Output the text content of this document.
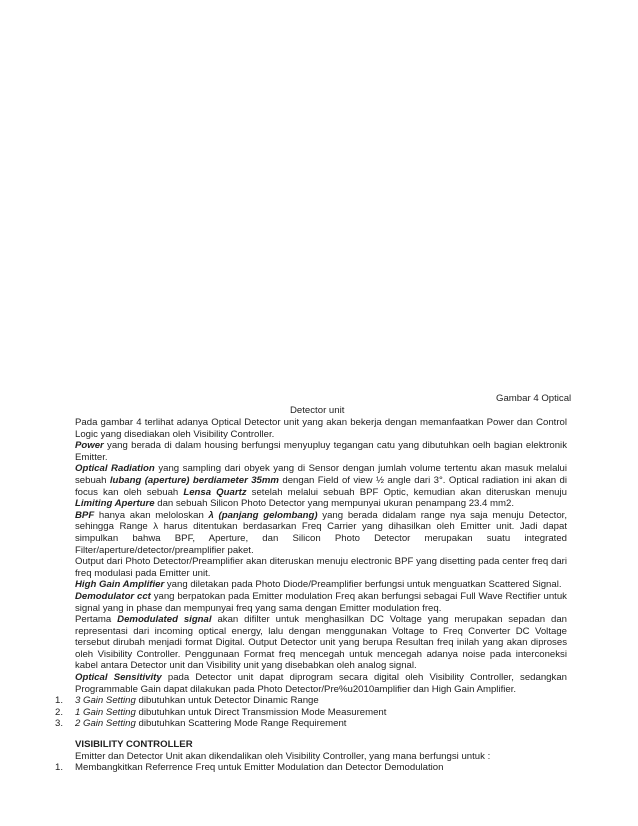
Gambar 4 Optical
Detector unit

Pada gambar 4 terlihat adanya Optical Detector unit yang akan bekerja dengan memanfaatkan Power dan Control Logic yang disediakan oleh Visibility Controller.

Power yang berada di dalam housing berfungsi menyupluy tegangan catu yang dibutuhkan oelh bagian elektronik Emitter.

Optical Radiation yang sampling dari obyek yang di Sensor dengan jumlah volume tertentu akan masuk melalui sebuah lubang (aperture) berdiameter 35mm dengan Field of view ½ angle dari 3°. Optical radiation ini akan di focus kan oleh sebuah Lensa Quartz setelah melalui sebuah BPF Optic, kemudian akan diteruskan menuju Limiting Aperture dan sebuah Silicon Photo Detector yang mempunyai ukuran penampang 23.4 mm2.

BPF hanya akan meloloskan λ (panjang gelombang) yang berada didalam range nya saja menuju Detector, sehingga Range λ harus ditentukan berdasarkan Freq Carrier yang dihasilkan oleh Emitter unit. Jadi dapat simpulkan bahwa BPF, Aperture, dan Silicon Photo Detector merupakan suatu integrated Filter/aperture/detector/preamplifier paket.

Output dari Photo Detector/Preamplifier akan diteruskan menuju electronic BPF yang disetting pada center freq dari freq modulasi pada Emitter unit.

High Gain Amplifier yang diletakan pada Photo Diode/Preamplifier berfungsi untuk menguatkan Scattered Signal.

Demodulator cct yang berpatokan pada Emitter modulation Freq akan berfungsi sebagai Full Wave Rectifier untuk signal yang in phase dan mempunyai freq yang sama dengan Emitter modulation freq.

Pertama Demodulated signal akan difilter untuk menghasilkan DC Voltage yang merupakan sepadan dan representasi dari incoming optical energy, lalu dengan menggunakan Voltage to Freq Converter DC Voltage tersebut dirubah menjadi format Digital. Output Detector unit yang berupa Resultan freq inilah yang akan diproses oleh Visibility Controller. Penggunaan Format freq mencegah untuk mencegah adanya noise pada interconeksi kabel antara Detector unit dan Visibility unit yang disebabkan oleh analog signal.

Optical Sensitivity pada Detector unit dapat diprogram secara digital oleh Visibility Controller, sedangkan Programmable Gain dapat dilakukan pada Photo Detector/Pre%u2010amplifier dan High Gain Amplifier.

1. 3 Gain Setting dibutuhkan untuk Detector Dinamic Range
2. 1 Gain Setting dibutuhkan untuk Direct Transmission Mode Measurement
3. 2 Gain Setting dibutuhkan Scattering Mode Range Requirement

VISIBILITY CONTROLLER

Emitter dan Detector Unit akan dikendalikan oleh Visibility Controller, yang mana berfungsi untuk :

1. Membangkitkan Referrence Freq untuk Emitter Modulation dan Detector Demodulation
